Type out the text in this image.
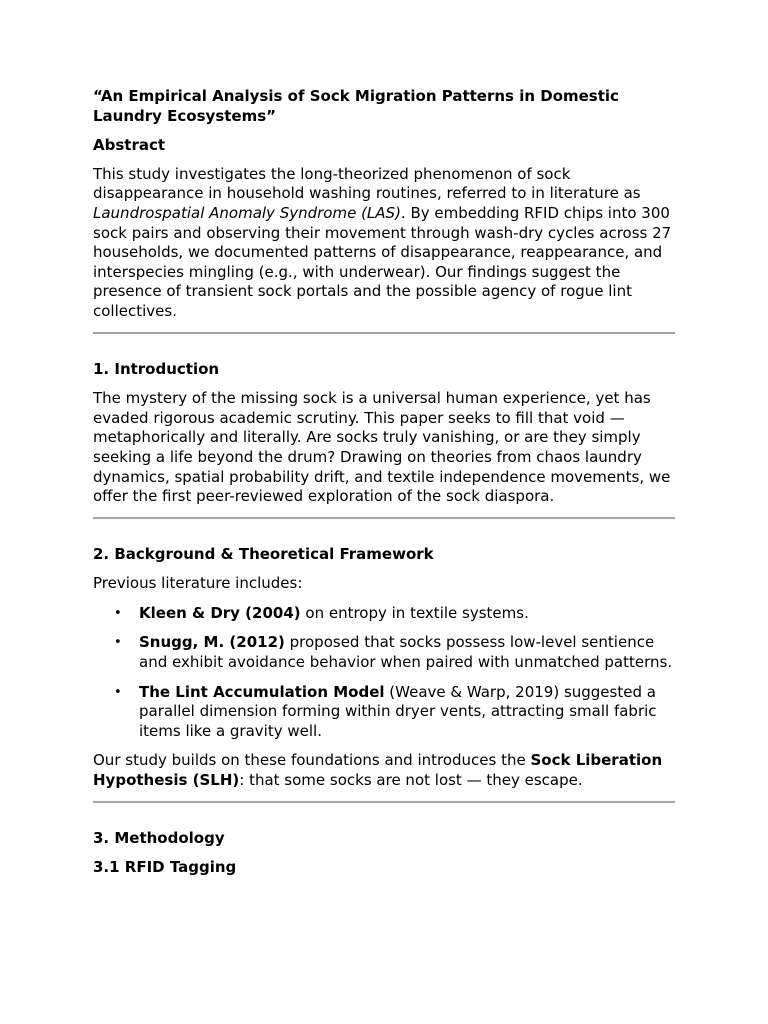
“An Empirical Analysis of Sock Migration Patterns in Domestic Laundry Ecosystems”
Abstract

This study investigates the long-theorized phenomenon of sock disappearance in household washing routines, referred to in literature as Laundrospatial Anomaly Syndrome (LAS). By embedding RFID chips into 300 sock pairs and observing their movement through wash-dry cycles across 27 households, we documented patterns of disappearance, reappearance, and interspecies mingling (e.g., with underwear). Our findings suggest the presence of transient sock portals and the possible agency of rogue lint collectives.

1. Introduction

The mystery of the missing sock is a universal human experience, yet has evaded rigorous academic scrutiny. This paper seeks to fill that void — metaphorically and literally. Are socks truly vanishing, or are they simply seeking a life beyond the drum? Drawing on theories from chaos laundry dynamics, spatial probability drift, and textile independence movements, we offer the first peer-reviewed exploration of the sock diaspora.

2. Background & Theoretical Framework

Previous literature includes:

• Kleen & Dry (2004) on entropy in textile systems.
• Snugg, M. (2012) proposed that socks possess low-level sentience and exhibit avoidance behavior when paired with unmatched patterns.
• The Lint Accumulation Model (Weave & Warp, 2019) suggested a parallel dimension forming within dryer vents, attracting small fabric items like a gravity well.

Our study builds on these foundations and introduces the Sock Liberation Hypothesis (SLH): that some socks are not lost — they escape.

3. Methodology
3.1 RFID Tagging
